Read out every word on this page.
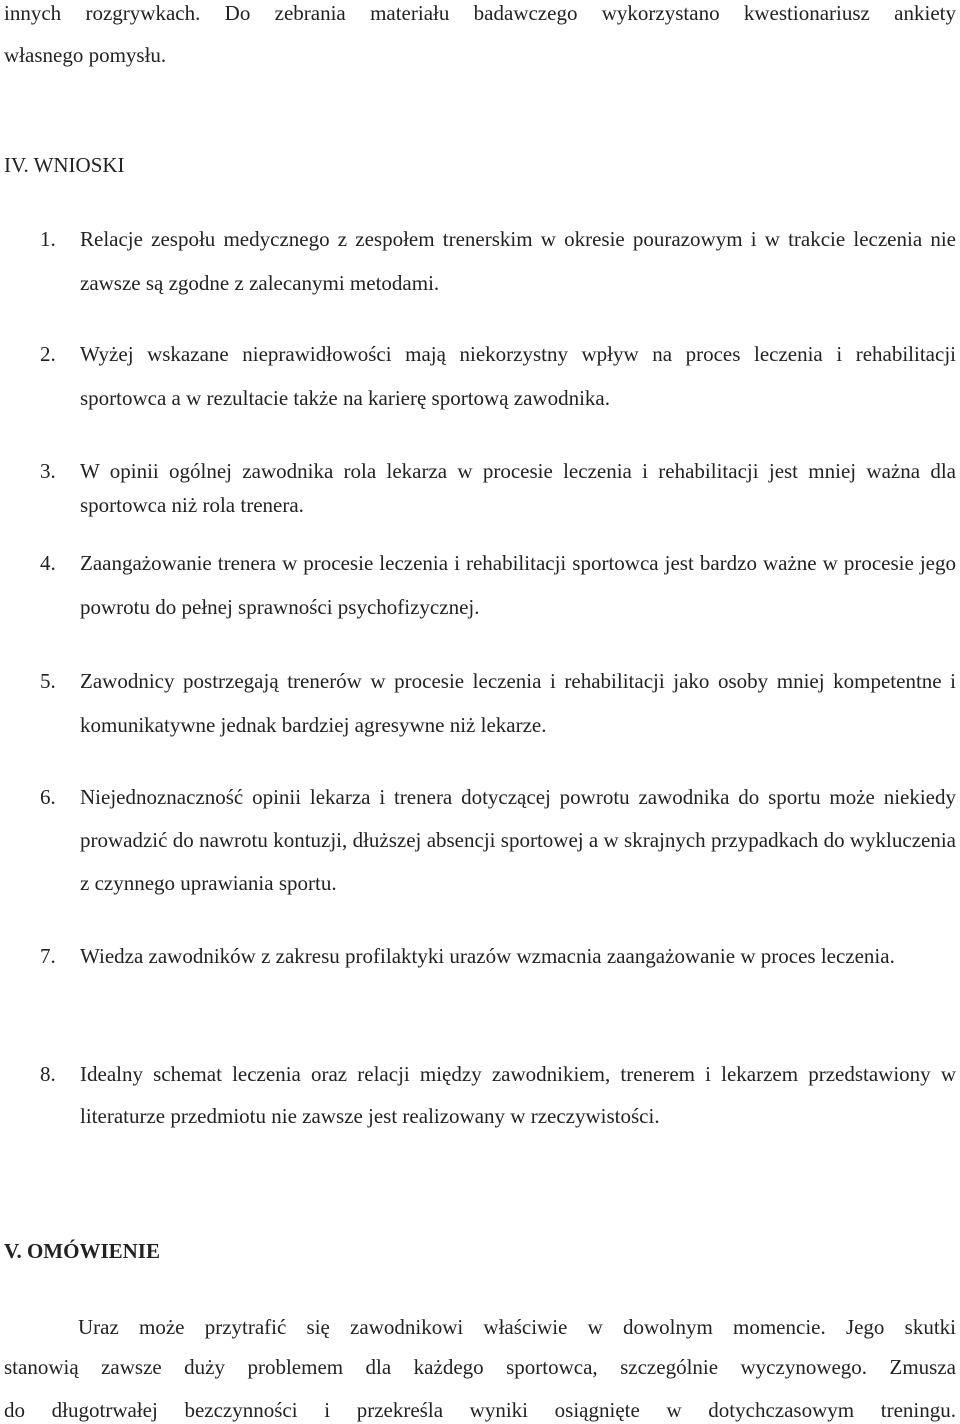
innych rozgrywkach. Do zebrania materiału badawczego wykorzystano kwestionariusz ankiety
własnego pomysłu.
IV. WNIOSKI
1.	Relacje zespołu medycznego z zespołem trenerskim w okresie pourazowym i w trakcie leczenia nie zawsze są zgodne z zalecanymi metodami.
2.	Wyżej wskazane nieprawidłowości mają niekorzystny wpływ na proces leczenia i rehabilitacji sportowca a w rezultacie także na karierę sportową zawodnika.
3.	W opinii ogólnej zawodnika rola lekarza w procesie leczenia i rehabilitacji jest mniej ważna dla sportowca niż rola trenera.
4.	Zaangażowanie trenera w procesie leczenia i rehabilitacji sportowca jest bardzo ważne w procesie jego powrotu do pełnej sprawności psychofizycznej.
5.	Zawodnicy postrzegają trenerów w procesie leczenia i rehabilitacji jako osoby mniej kompetentne i komunikatywne jednak bardziej agresywne niż lekarze.
6.	Niejednoznaczność opinii lekarza i trenera dotyczącej powrotu zawodnika do sportu może niekiedy prowadzić do nawrotu kontuzji, dłuższej absencji sportowej a w skrajnych przypadkach do wykluczenia z czynnego uprawiania sportu.
7.	Wiedza zawodników z zakresu profilaktyki urazów wzmacnia zaangażowanie w proces leczenia.
8.	Idealny schemat leczenia oraz relacji między zawodnikiem, trenerem i lekarzem przedstawiony w literaturze przedmiotu nie zawsze jest realizowany w rzeczywistości.
V. OMÓWIENIE
Uraz może przytrafić się zawodnikowi właściwie w dowolnym momencie. Jego skutki
stanowią zawsze duży problemem dla każdego sportowca, szczególnie wyczynowego. Zmusza
do długotrwałej bezczynności i przekreśla wyniki osiągnięte w dotychczasowym treningu.
